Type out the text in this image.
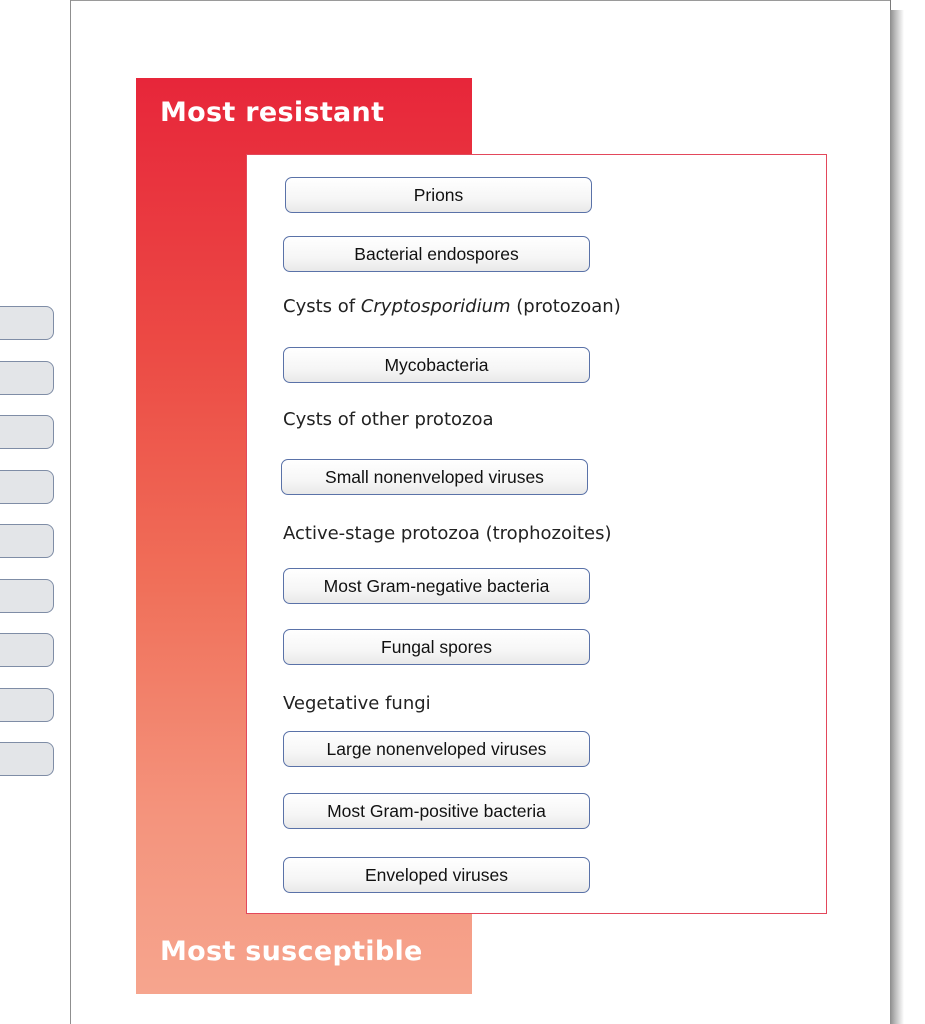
Most resistant
Most susceptible
Prions
Bacterial endospores
Cysts of Cryptosporidium (protozoan)
Mycobacteria
Cysts of other protozoa
Small nonenveloped viruses
Active-stage protozoa (trophozoites)
Most Gram-negative bacteria
Fungal spores
Vegetative fungi
Large nonenveloped viruses
Most Gram-positive bacteria
Enveloped viruses
